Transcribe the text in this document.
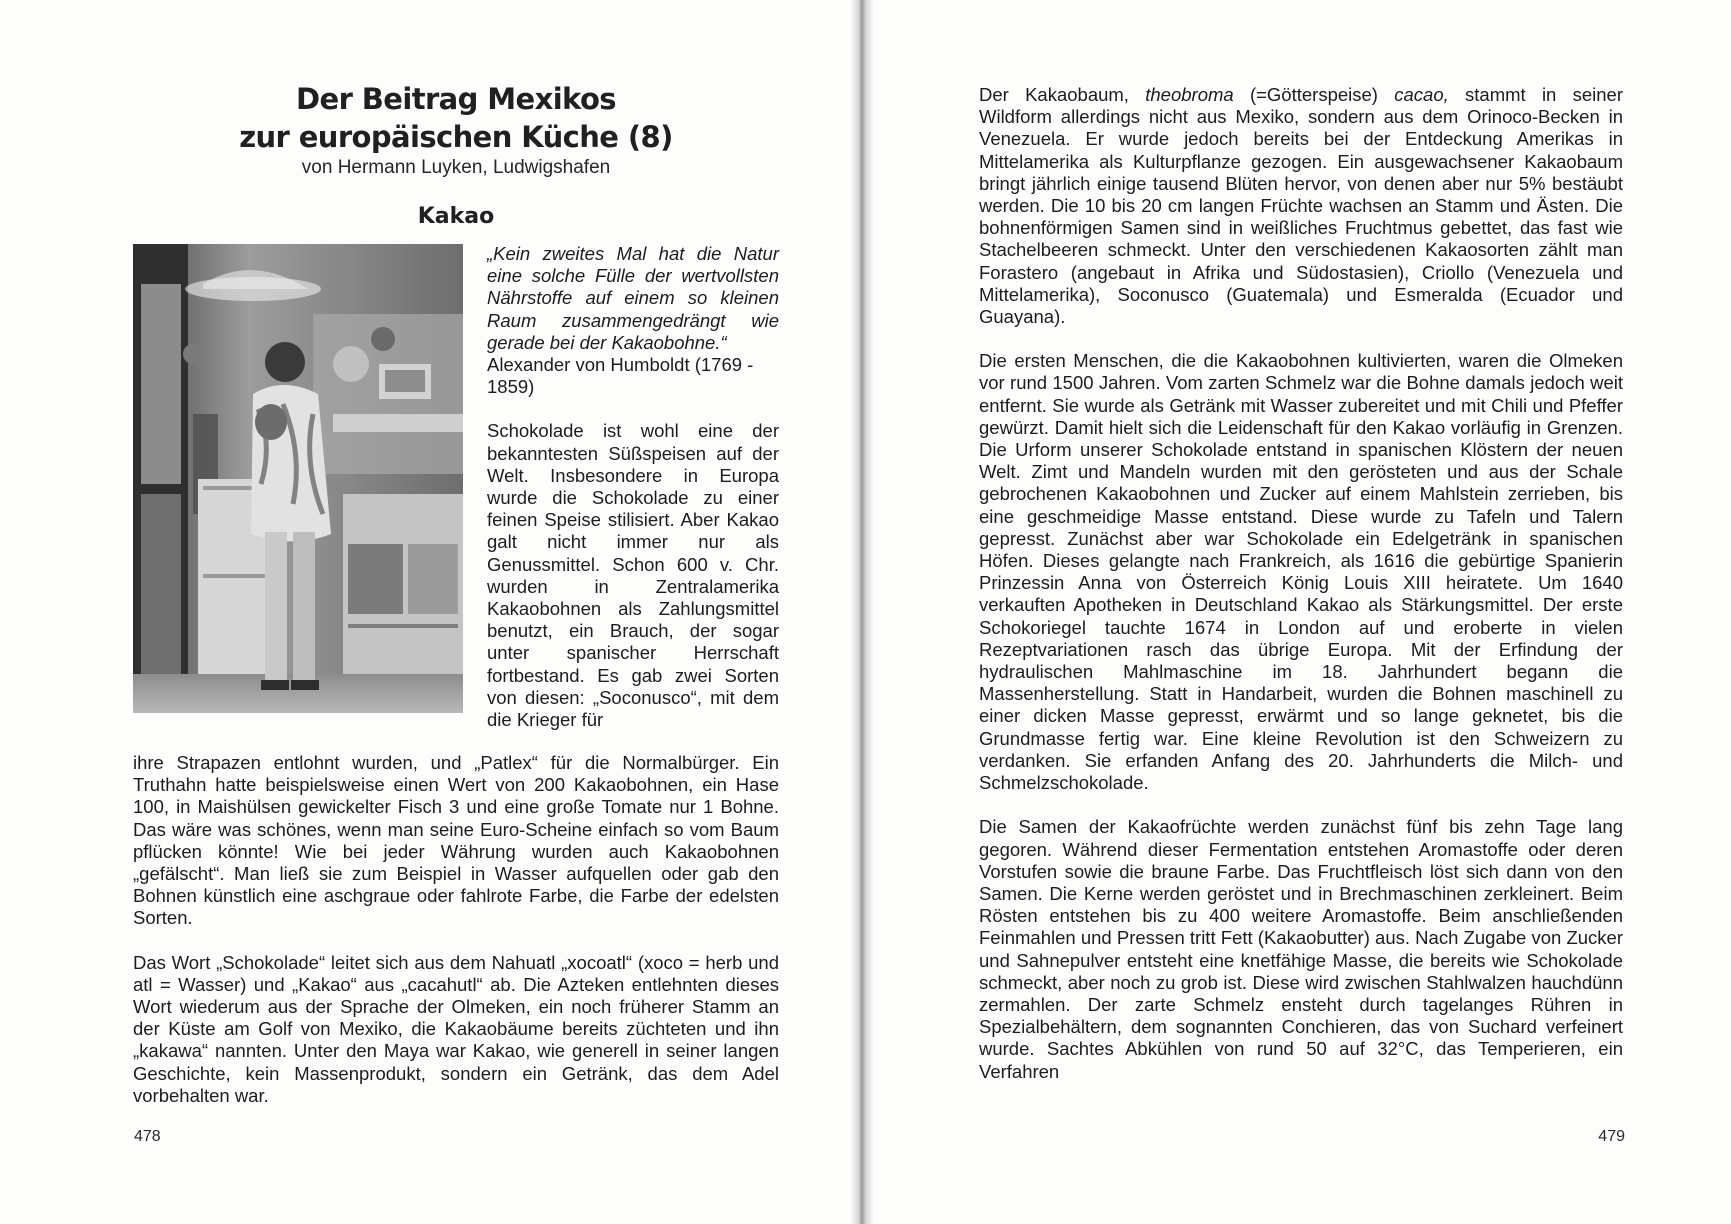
Der Beitrag Mexikos
zur europäischen Küche (8)
von Hermann Luyken, Ludwigshafen
Kakao

„Kein zweites Mal hat die Natur eine solche Fülle der wertvollsten Nährstoffe auf einem so kleinen Raum zusammengedrängt wie gerade bei der Kakaobohne.“

Alexander von Humboldt (1769 - 1859)

Schokolade ist wohl eine der bekanntesten Süßspeisen auf der Welt. Insbesondere in Europa wurde die Schokolade zu einer feinen Speise stilisiert. Aber Kakao galt nicht immer nur als Genussmittel. Schon 600 v. Chr. wurden in Zentralamerika Kakaobohnen als Zahlungsmittel benutzt, ein Brauch, der sogar unter spanischer Herrschaft fortbestand. Es gab zwei Sorten von diesen: „Soconusco“, mit dem die Krieger für

ihre Strapazen entlohnt wurden, und „Patlex“ für die Normalbürger. Ein Truthahn hatte beispielsweise einen Wert von 200 Kakaobohnen, ein Hase 100, in Maishülsen gewickelter Fisch 3 und eine große Tomate nur 1 Bohne. Das wäre was schönes, wenn man seine Euro-Scheine einfach so vom Baum pflücken könnte! Wie bei jeder Währung wurden auch Kakaobohnen „gefälscht“. Man ließ sie zum Beispiel in Wasser aufquellen oder gab den Bohnen künstlich eine aschgraue oder fahlrote Farbe, die Farbe der edelsten Sorten.

Das Wort „Schokolade“ leitet sich aus dem Nahuatl „xocoatl“ (xoco = herb und atl = Wasser) und „Kakao“ aus „cacahutl“ ab. Die Azteken entlehnten dieses Wort wiederum aus der Sprache der Olmeken, ein noch früherer Stamm an der Küste am Golf von Mexiko, die Kakaobäume bereits züchteten und ihn „kakawa“ nannten. Unter den Maya war Kakao, wie generell in seiner langen Geschichte, kein Massenprodukt, sondern ein Getränk, das dem Adel vorbehalten war.

478

Der Kakaobaum, theobroma (=Götterspeise) cacao, stammt in seiner Wildform allerdings nicht aus Mexiko, sondern aus dem Orinoco-Becken in Venezuela. Er wurde jedoch bereits bei der Entdeckung Amerikas in Mittelamerika als Kulturpflanze gezogen. Ein ausgewachsener Kakaobaum bringt jährlich einige tausend Blüten hervor, von denen aber nur 5% bestäubt werden. Die 10 bis 20 cm langen Früchte wachsen an Stamm und Ästen. Die bohnenförmigen Samen sind in weißliches Fruchtmus gebettet, das fast wie Stachelbeeren schmeckt. Unter den verschiedenen Kakaosorten zählt man Forastero (angebaut in Afrika und Südostasien), Criollo (Venezuela und Mittelamerika), Soconusco (Guatemala) und Esmeralda (Ecuador und Guayana).

Die ersten Menschen, die die Kakaobohnen kultivierten, waren die Olmeken vor rund 1500 Jahren. Vom zarten Schmelz war die Bohne damals jedoch weit entfernt. Sie wurde als Getränk mit Wasser zubereitet und mit Chili und Pfeffer gewürzt. Damit hielt sich die Leidenschaft für den Kakao vorläufig in Grenzen. Die Urform unserer Schokolade entstand in spanischen Klöstern der neuen Welt. Zimt und Mandeln wurden mit den gerösteten und aus der Schale gebrochenen Kakaobohnen und Zucker auf einem Mahlstein zerrieben, bis eine geschmeidige Masse entstand. Diese wurde zu Tafeln und Talern gepresst. Zunächst aber war Schokolade ein Edelgetränk in spanischen Höfen. Dieses gelangte nach Frankreich, als 1616 die gebürtige Spanierin Prinzessin Anna von Österreich König Louis XIII heiratete. Um 1640 verkauften Apotheken in Deutschland Kakao als Stärkungsmittel. Der erste Schokoriegel tauchte 1674 in London auf und eroberte in vielen Rezeptvariationen rasch das übrige Europa. Mit der Erfindung der hydraulischen Mahlmaschine im 18. Jahrhundert begann die Massenherstellung. Statt in Handarbeit, wurden die Bohnen maschinell zu einer dicken Masse gepresst, erwärmt und so lange geknetet, bis die Grundmasse fertig war. Eine kleine Revolution ist den Schweizern zu verdanken. Sie erfanden Anfang des 20. Jahrhunderts die Milch- und Schmelzschokolade.

Die Samen der Kakaofrüchte werden zunächst fünf bis zehn Tage lang gegoren. Während dieser Fermentation entstehen Aromastoffe oder deren Vorstufen sowie die braune Farbe. Das Fruchtfleisch löst sich dann von den Samen. Die Kerne werden geröstet und in Brechmaschinen zerkleinert. Beim Rösten entstehen bis zu 400 weitere Aromastoffe. Beim anschließenden Feinmahlen und Pressen tritt Fett (Kakaobutter) aus. Nach Zugabe von Zucker und Sahnepulver entsteht eine knetfähige Masse, die bereits wie Schokolade schmeckt, aber noch zu grob ist. Diese wird zwischen Stahlwalzen hauchdünn zermahlen. Der zarte Schmelz ensteht durch tagelanges Rühren in Spezialbehältern, dem sognannten Conchieren, das von Suchard verfeinert wurde. Sachtes Abkühlen von rund 50 auf 32°C, das Temperieren, ein Verfahren

479
